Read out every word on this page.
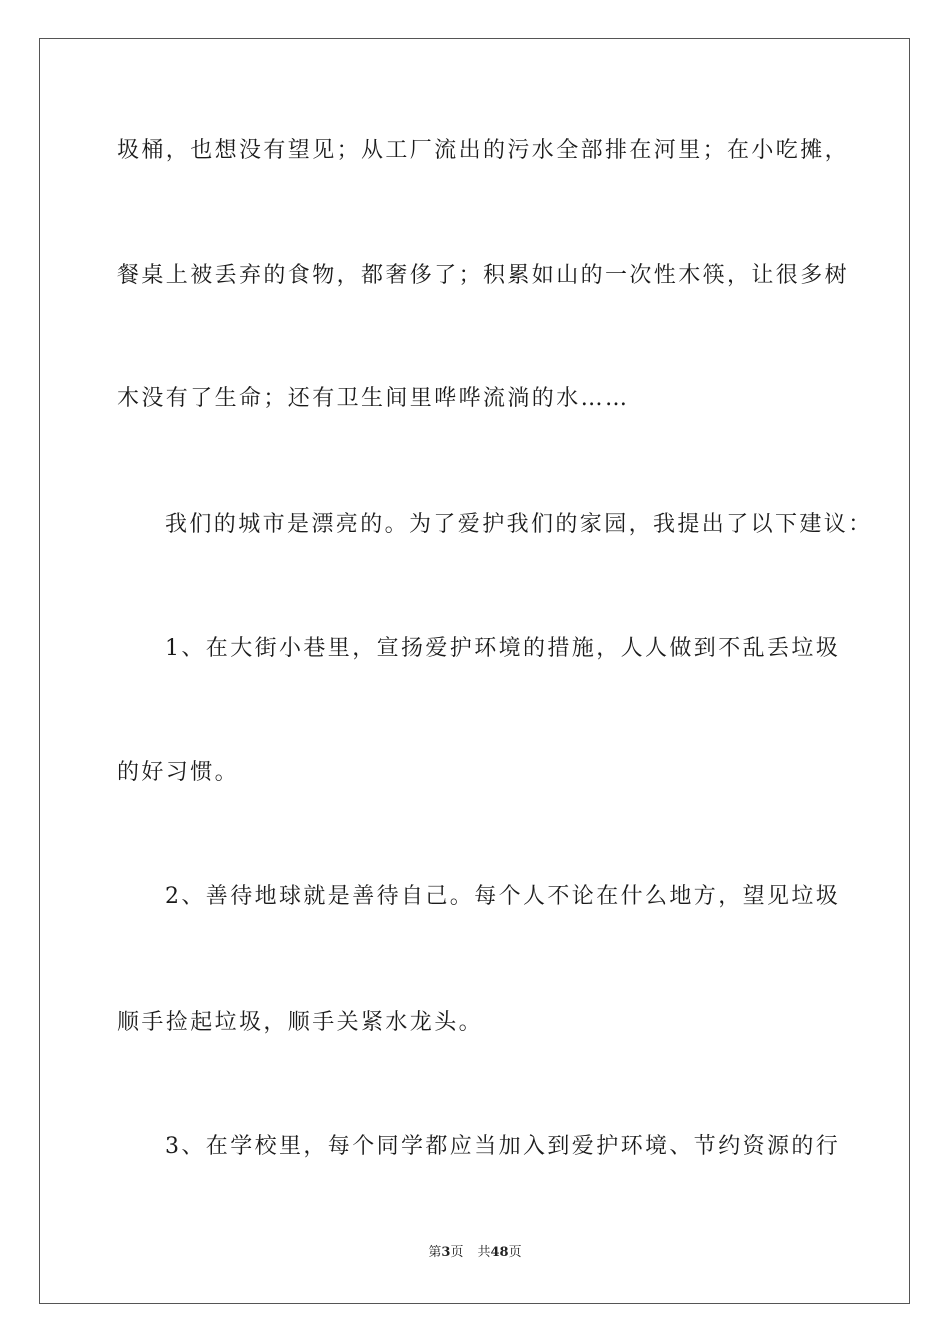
圾桶，也想没有望见；从工厂流出的污水全部排在河里；在小吃摊，
餐桌上被丢弃的食物，都奢侈了；积累如山的一次性木筷，让很多树
木没有了生命；还有卫生间里哗哗流淌的水……
我们的城市是漂亮的。为了爱护我们的家园，我提出了以下建议：
1、在大街小巷里，宣扬爱护环境的措施，人人做到不乱丢垃圾
的好习惯。
2、善待地球就是善待自己。每个人不论在什么地方，望见垃圾
顺手捡起垃圾，顺手关紧水龙头。
3、在学校里，每个同学都应当加入到爱护环境、节约资源的行
第3页 共48页
